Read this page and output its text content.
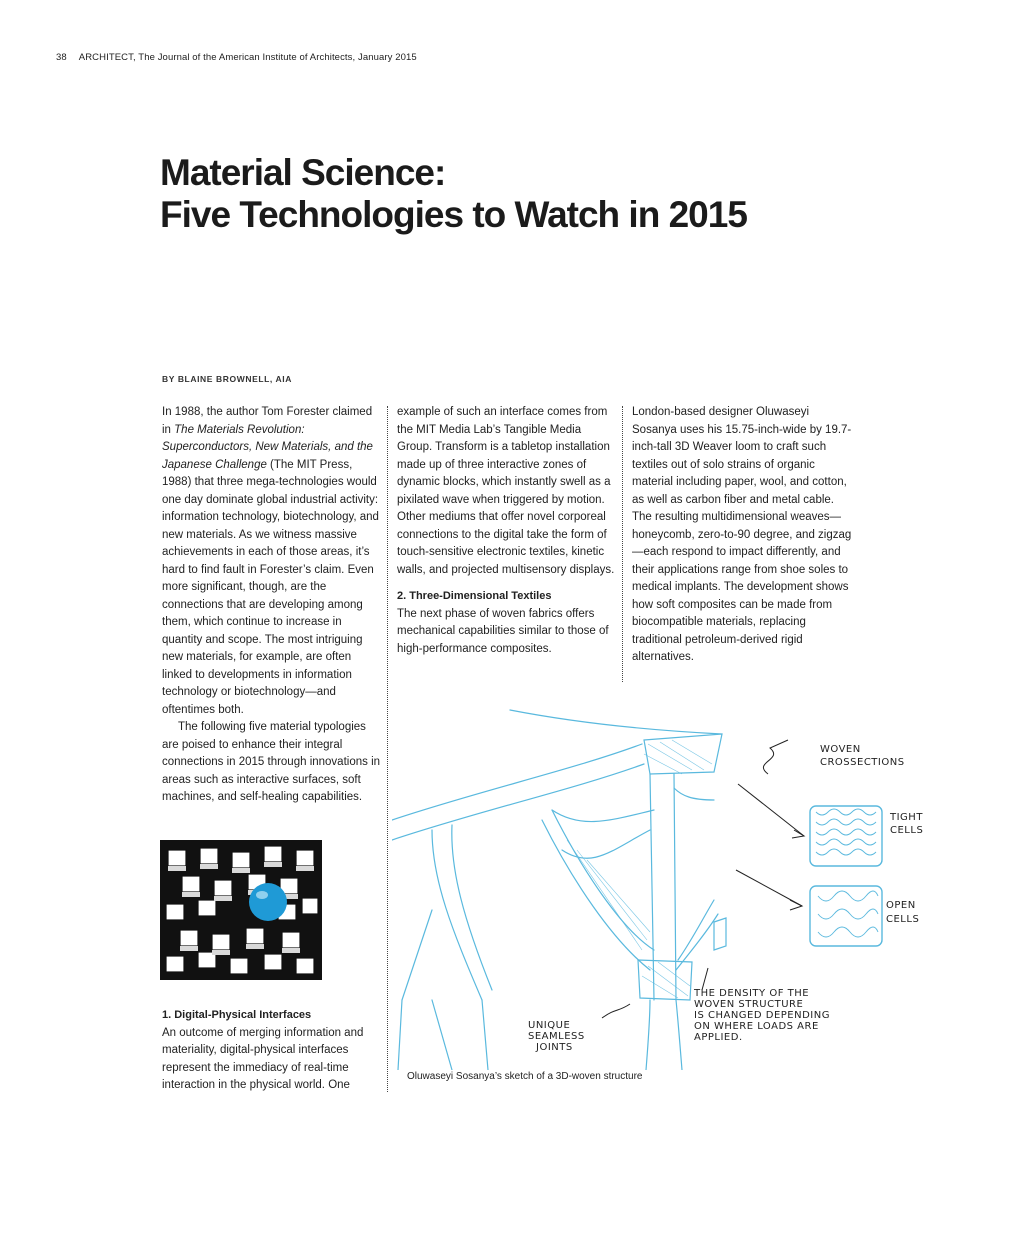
38 ARCHITECT, The Journal of the American Institute of Architects, January 2015
Material Science:
Five Technologies to Watch in 2015
BY BLAINE BROWNELL, AIA

In 1988, the author Tom Forester claimed in The Materials Revolution: Superconductors, New Materials, and the Japanese Challenge (The MIT Press, 1988) that three mega-technologies would one day dominate global industrial activity: information technology, biotechnology, and new materials. As we witness massive achievements in each of those areas, it’s hard to find fault in Forester’s claim. Even more significant, though, are the connections that are developing among them, which continue to increase in quantity and scope. The most intriguing new materials, for example, are often linked to developments in information technology or biotechnology—and oftentimes both.

The following five material typologies are poised to enhance their integral connections in 2015 through innovations in areas such as interactive surfaces, soft machines, and self-healing capabilities.

1. Digital-Physical Interfaces

An outcome of merging information and materiality, digital-physical interfaces represent the immediacy of real-time interaction in the physical world. One

example of such an interface comes from the MIT Media Lab’s Tangible Media Group. Transform is a tabletop installation made up of three interactive zones of dynamic blocks, which instantly swell as a pixilated wave when triggered by motion. Other mediums that offer novel corporeal connections to the digital take the form of touch-sensitive electronic textiles, kinetic walls, and projected multisensory displays.

2. Three-Dimensional Textiles

The next phase of woven fabrics offers mechanical capabilities similar to those of high-performance composites.

London-based designer Oluwaseyi Sosanya uses his 15.75-inch-wide by 19.7-inch-tall 3D Weaver loom to craft such textiles out of solo strains of organic material including paper, wool, and cotton, as well as carbon fiber and metal cable. The resulting multidimensional weaves—honeycomb, zero-to-90 degree, and zigzag—each respond to impact differently, and their applications range from shoe soles to medical implants. The development shows how soft composites can be made from biocompatible materials, replacing traditional petroleum-derived rigid alternatives.

WOVEN
CROSSECTIONS
TIGHT
CELLS
OPEN
CELLS
THE DENSITY OF THE
WOVEN STRUCTURE
IS CHANGED DEPENDING
ON WHERE LOADS ARE
APPLIED.
UNIQUE
SEAMLESS
JOINTS
Oluwaseyi Sosanya’s sketch of a 3D-woven structure
